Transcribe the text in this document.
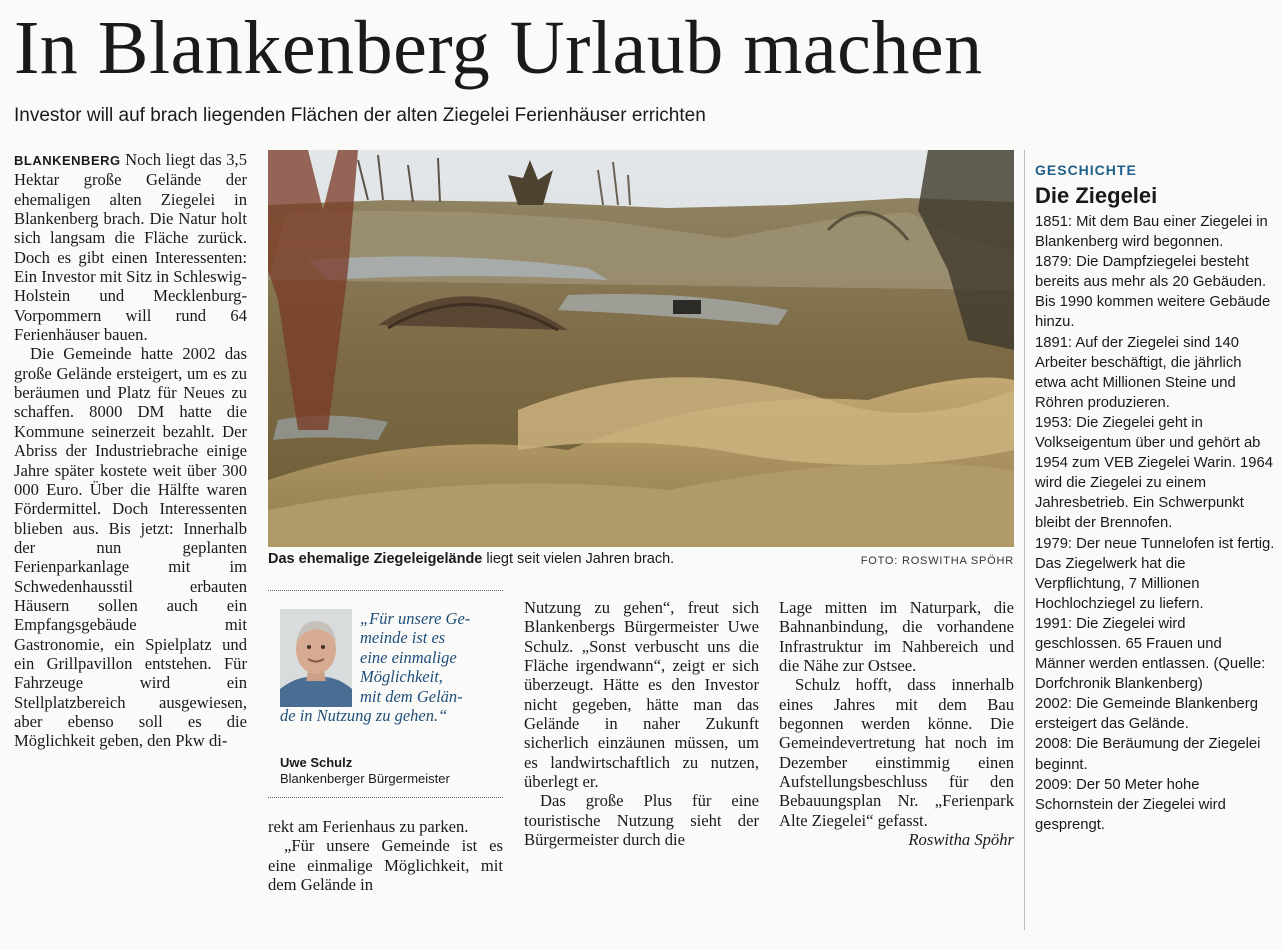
In Blankenberg Urlaub machen
Investor will auf brach liegenden Flächen der alten Ziegelei Ferienhäuser errichten

BLANKENBERG Noch liegt das 3,5 Hektar große Gelände der ehemaligen alten Ziegelei in Blankenberg brach. Die Natur holt sich langsam die Fläche zurück. Doch es gibt einen Interessenten: Ein Investor mit Sitz in Schleswig-Holstein und Mecklenburg-Vorpommern will rund 64 Ferienhäuser bauen.

Die Gemeinde hatte 2002 das große Gelände ersteigert, um es zu beräumen und Platz für Neues zu schaffen. 8000 DM hatte die Kommune seinerzeit bezahlt. Der Abriss der Industriebrache einige Jahre später kostete weit über 300 000 Euro. Über die Hälfte waren Fördermittel. Doch Interessenten blieben aus. Bis jetzt: Innerhalb der nun geplanten Ferienparkanlage mit im Schwedenhausstil erbauten Häusern sollen auch ein Empfangsgebäude mit Gastronomie, ein Spielplatz und ein Grillpavillon entstehen. Für Fahrzeuge wird ein Stellplatzbereich ausgewiesen, aber ebenso soll es die Möglichkeit geben, den Pkw di-

Das ehemalige Ziegeleigelände liegt seit vielen Jahren brach.	FOTO: ROSWITHA SPÖHR
„Für unsere Ge-
meinde ist es
eine einmalige
Möglichkeit,
mit dem Gelän-
de in Nutzung zu gehen.“
Uwe Schulz
Blankenberger Bürgermeister

rekt am Ferienhaus zu parken.

„Für unsere Gemeinde ist es eine einmalige Möglichkeit, mit dem Gelände in

Nutzung zu gehen“, freut sich Blankenbergs Bürgermeister Uwe Schulz. „Sonst verbuscht uns die Fläche irgendwann“, zeigt er sich überzeugt. Hätte es den Investor nicht gegeben, hätte man das Gelände in naher Zukunft sicherlich einzäunen müssen, um es landwirtschaftlich zu nutzen, überlegt er.

Das große Plus für eine touristische Nutzung sieht der Bürgermeister durch die

Lage mitten im Naturpark, die Bahnanbindung, die vorhandene Infrastruktur im Nahbereich und die Nähe zur Ostsee.

Schulz hofft, dass innerhalb eines Jahres mit dem Bau begonnen werden könne. Die Gemeindevertretung hat noch im Dezember einstimmig einen Aufstellungsbeschluss für den Bebauungsplan Nr. „Ferienpark Alte Ziegelei“ gefasst.

Roswitha Spöhr

GESCHICHTE
Die Ziegelei
1851: Mit dem Bau einer Ziegelei in Blankenberg wird begonnen.
1879: Die Dampfziegelei besteht bereits aus mehr als 20 Gebäuden. Bis 1990 kommen weitere Gebäude hinzu.
1891: Auf der Ziegelei sind 140 Arbeiter beschäftigt, die jährlich etwa acht Millionen Steine und Röhren produzieren.
1953: Die Ziegelei geht in Volkseigentum über und gehört ab 1954 zum VEB Ziegelei Warin. 1964 wird die Ziegelei zu einem Jahresbetrieb. Ein Schwerpunkt bleibt der Brennofen.
1979: Der neue Tunnelofen ist fertig. Das Ziegelwerk hat die Verpflichtung, 7 Millionen Hochlochziegel zu liefern.
1991: Die Ziegelei wird geschlossen. 65 Frauen und Männer werden entlassen. (Quelle: Dorfchronik Blankenberg)
2002: Die Gemeinde Blankenberg ersteigert das Gelände.
2008: Die Beräumung der Ziegelei beginnt.
2009: Der 50 Meter hohe Schornstein der Ziegelei wird gesprengt.
